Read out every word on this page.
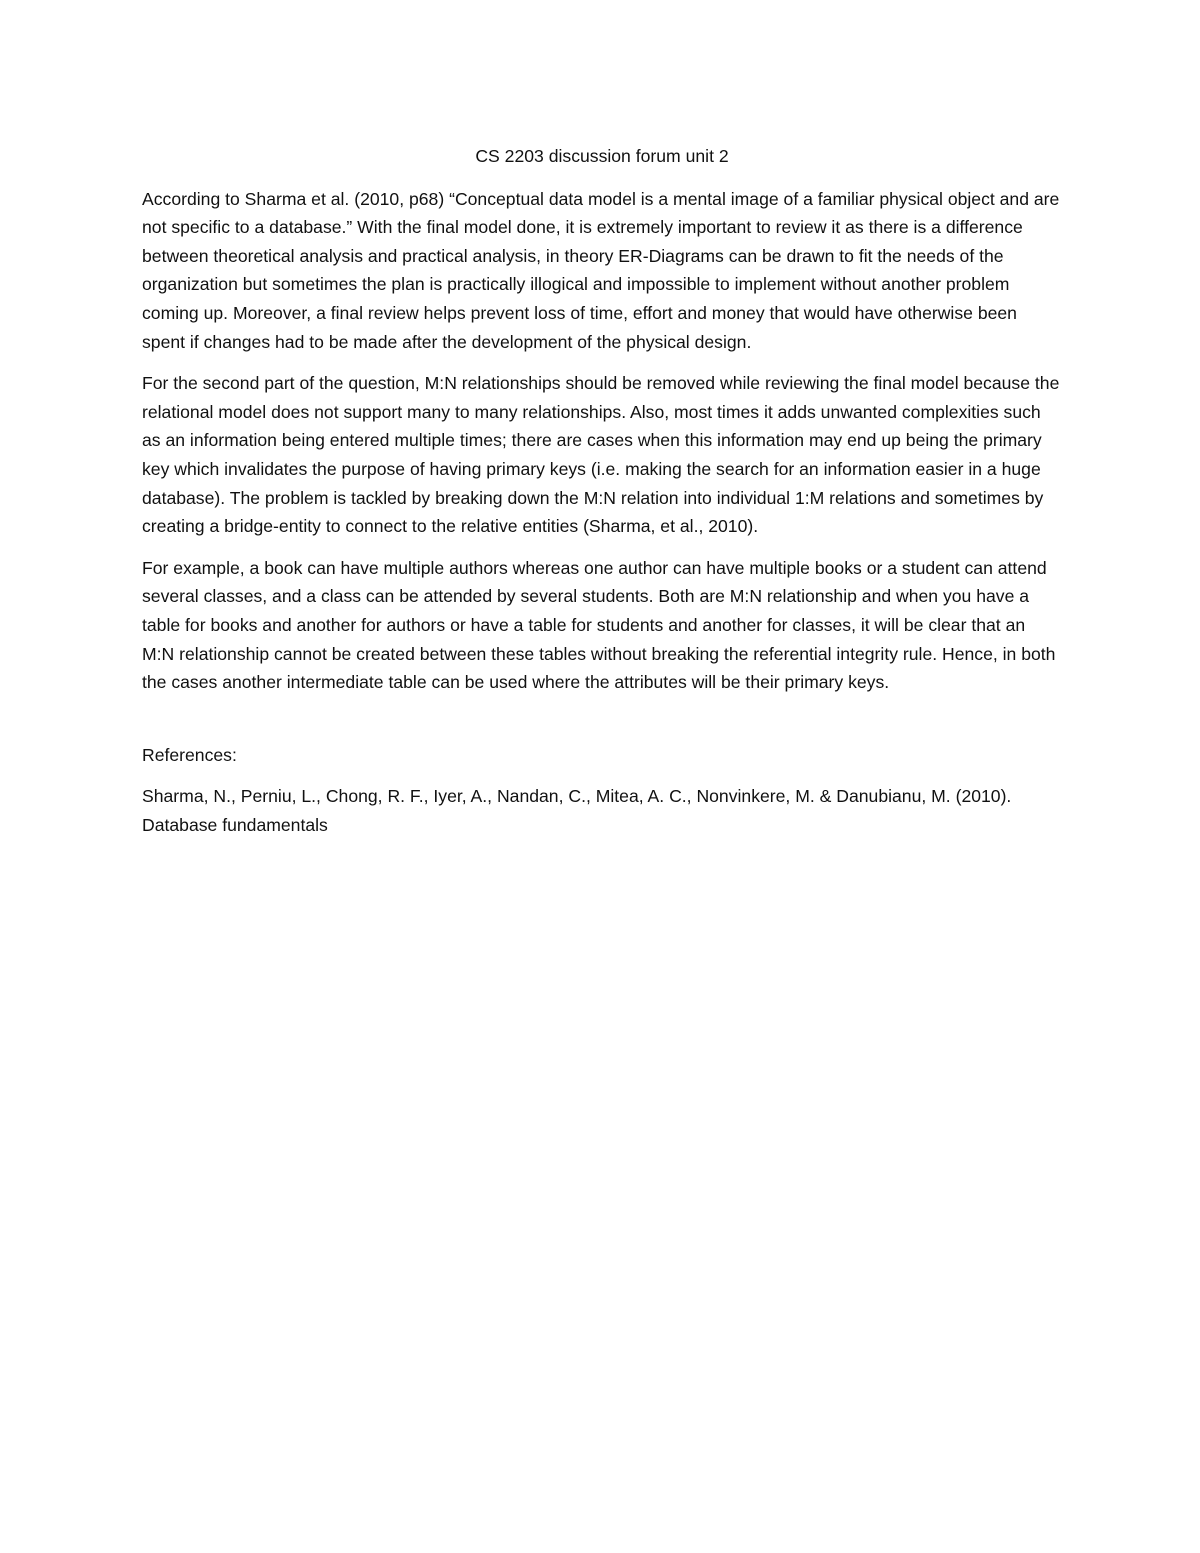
CS 2203 discussion forum unit 2

According to Sharma et al. (2010, p68) “Conceptual data model is a mental image of a familiar physical object and are not specific to a database.” With the final model done, it is extremely important to review it as there is a difference between theoretical analysis and practical analysis, in theory ER-Diagrams can be drawn to fit the needs of the organization but sometimes the plan is practically illogical and impossible to implement without another problem coming up. Moreover, a final review helps prevent loss of time, effort and money that would have otherwise been spent if changes had to be made after the development of the physical design.

For the second part of the question, M:N relationships should be removed while reviewing the final model because the relational model does not support many to many relationships. Also, most times it adds unwanted complexities such as an information being entered multiple times; there are cases when this information may end up being the primary key which invalidates the purpose of having primary keys (i.e. making the search for an information easier in a huge database). The problem is tackled by breaking down the M:N relation into individual 1:M relations and sometimes by creating a bridge-entity to connect to the relative entities (Sharma, et al., 2010).

For example, a book can have multiple authors whereas one author can have multiple books or a student can attend several classes, and a class can be attended by several students. Both are M:N relationship and when you have a table for books and another for authors or have a table for students and another for classes, it will be clear that an M:N relationship cannot be created between these tables without breaking the referential integrity rule. Hence, in both the cases another intermediate table can be used where the attributes will be their primary keys.

References:

Sharma, N., Perniu, L., Chong, R. F., Iyer, A., Nandan, C., Mitea, A. C., Nonvinkere, M. & Danubianu, M. (2010). Database fundamentals
